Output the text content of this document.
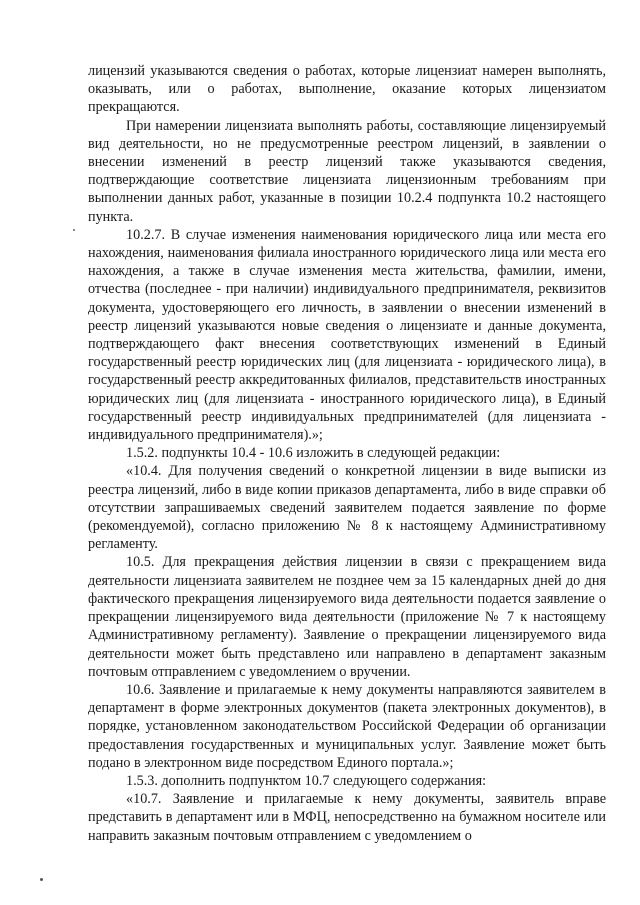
лицензий указываются сведения о работах, которые лицензиат намерен выполнять, оказывать, или о работах, выполнение, оказание которых лицензиатом прекращаются.

При намерении лицензиата выполнять работы, составляющие лицензируемый вид деятельности, но не предусмотренные реестром лицензий, в заявлении о внесении изменений в реестр лицензий также указываются сведения, подтверждающие соответствие лицензиата лицензионным требованиям при выполнении данных работ, указанные в позиции 10.2.4 подпункта 10.2 настоящего пункта.

10.2.7. В случае изменения наименования юридического лица или места его нахождения, наименования филиала иностранного юридического лица или места его нахождения, а также в случае изменения места жительства, фамилии, имени, отчества (последнее - при наличии) индивидуального предпринимателя, реквизитов документа, удостоверяющего его личность, в заявлении о внесении изменений в реестр лицензий указываются новые сведения о лицензиате и данные документа, подтверждающего факт внесения соответствующих изменений в Единый государственный реестр юридических лиц (для лицензиата - юридического лица), в государственный реестр аккредитованных филиалов, представительств иностранных юридических лиц (для лицензиата - иностранного юридического лица), в Единый государственный реестр индивидуальных предпринимателей (для лицензиата - индивидуального предпринимателя).»;

1.5.2. подпункты 10.4 - 10.6 изложить в следующей редакции:

«10.4. Для получения сведений о конкретной лицензии в виде выписки из реестра лицензий, либо в виде копии приказов департамента, либо в виде справки об отсутствии запрашиваемых сведений заявителем подается заявление по форме (рекомендуемой), согласно приложению № 8 к настоящему Административному регламенту.

10.5. Для прекращения действия лицензии в связи с прекращением вида деятельности лицензиата заявителем не позднее чем за 15 календарных дней до дня фактического прекращения лицензируемого вида деятельности подается заявление о прекращении лицензируемого вида деятельности (приложение № 7 к настоящему Административному регламенту). Заявление о прекращении лицензируемого вида деятельности может быть представлено или направлено в департамент заказным почтовым отправлением с уведомлением о вручении.

10.6. Заявление и прилагаемые к нему документы направляются заявителем в департамент в форме электронных документов (пакета электронных документов), в порядке, установленном законодательством Российской Федерации об организации предоставления государственных и муниципальных услуг. Заявление может быть подано в электронном виде посредством Единого портала.»;

1.5.3. дополнить подпунктом 10.7 следующего содержания:

«10.7. Заявление и прилагаемые к нему документы, заявитель вправе представить в департамент или в МФЦ, непосредственно на бумажном носителе или направить заказным почтовым отправлением с уведомлением о
